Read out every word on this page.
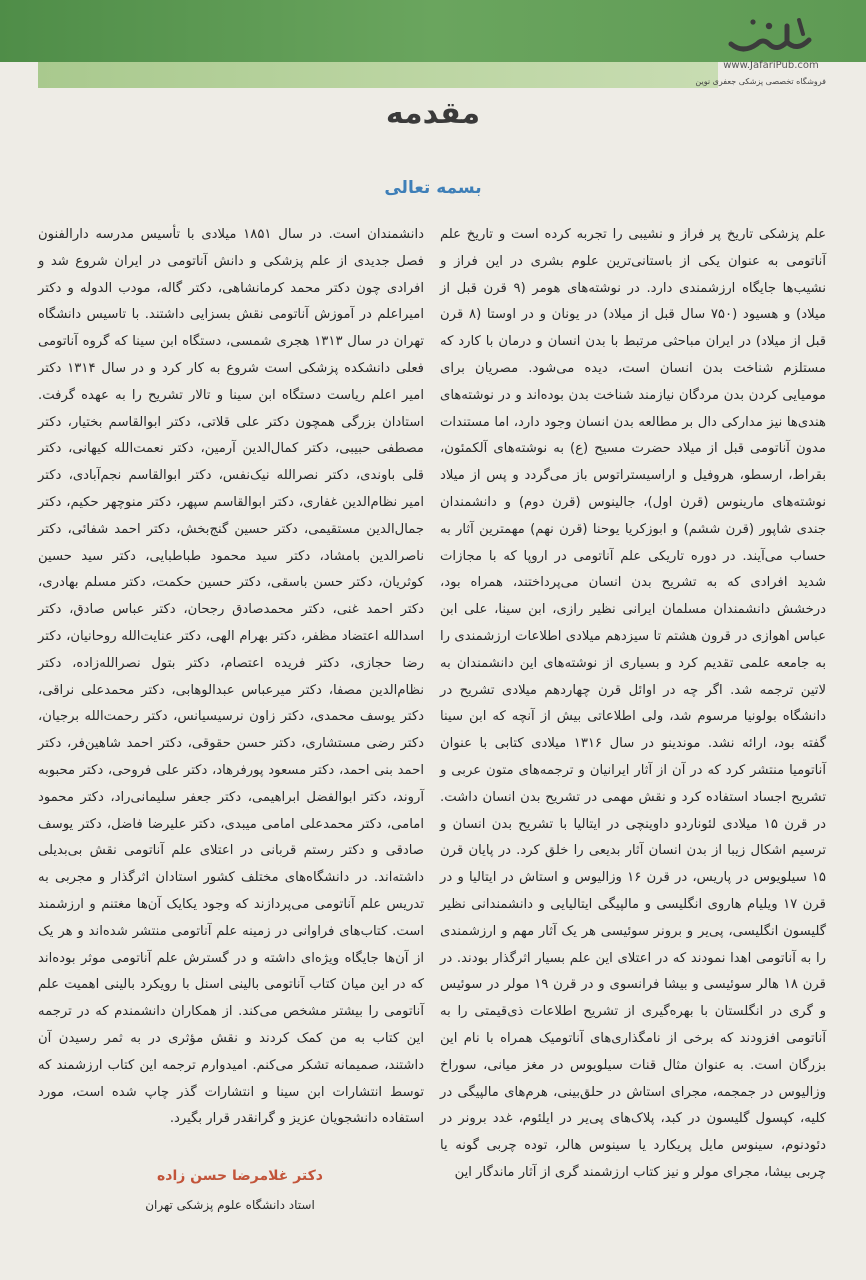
www.JafariPub.com
فروشگاه تخصصی پزشکی جعفری نوین
مقدمه
بسمه تعالی
علم پزشکی تاریخ پر فراز و نشیبی را تجربه کرده است و تاریخ علم آناتومی به عنوان یکی از باستانی‌ترین علوم بشری در این فراز و نشیب‌ها جایگاه ارزشمندی دارد. در نوشته‌های هومر (۹ قرن قبل از میلاد) و هسیود (۷۵۰ سال قبل از میلاد) در یونان و در اوستا (۸ قرن قبل از میلاد) در ایران مباحثی مرتبط با بدن انسان و درمان با کارد که مستلزم شناخت بدن انسان است، دیده می‌شود. مصریان برای مومیایی کردن بدن مردگان نیازمند شناخت بدن بوده‌اند و در نوشته‌های هندی‌ها نیز مدارکی دال بر مطالعه بدن انسان وجود دارد، اما مستندات مدون آناتومی قبل از میلاد حضرت مسیح (ع) به نوشته‌های آلکمئون، بقراط، ارسطو، هروفیل و اراسیستراتوس باز می‌گردد و پس از میلاد نوشته‌های مارینوس (قرن اول)، جالینوس (قرن دوم) و دانشمندان جندی شاپور (قرن ششم) و ابوزکریا یوحنا (قرن نهم) مهمترین آثار به حساب می‌آیند. در دوره تاریکی علم آناتومی در اروپا که با مجازات شدید افرادی که به تشریح بدن انسان می‌پرداختند، همراه بود، درخشش دانشمندان مسلمان ایرانی نظیر رازی، ابن سینا، علی ابن عباس اهوازی در قرون هشتم تا سیزدهم میلادی اطلاعات ارزشمندی را به جامعه علمی تقدیم کرد و بسیاری از نوشته‌های این دانشمندان به لاتین ترجمه شد. اگر چه در اوائل قرن چهاردهم میلادی تشریح در دانشگاه بولونیا مرسوم شد، ولی اطلاعاتی بیش از آنچه که ابن سینا گفته بود، ارائه نشد. موندینو در سال ۱۳۱۶ میلادی کتابی با عنوان آناتومیا منتشر کرد که در آن از آثار ایرانیان و ترجمه‌های متون عربی و تشریح اجساد استفاده کرد و نقش مهمی در تشریح بدن انسان داشت. در قرن ۱۵ میلادی لئوناردو داوینچی در ایتالیا با تشریح بدن انسان و ترسیم اشکال زیبا از بدن انسان آثار بدیعی را خلق کرد. در پایان قرن ۱۵ سیلویوس در پاریس، در قرن ۱۶ وزالیوس و استاش در ایتالیا و در قرن ۱۷ ویلیام هاروی انگلیسی و مالپیگی ایتالیایی و دانشمندانی نظیر گلیسون انگلیسی، پی‌یر و برونر سوئیسی هر یک آثار مهم و ارزشمندی را به آناتومی اهدا نمودند که در اعتلای این علم بسیار اثرگذار بودند. در قرن ۱۸ هالر سوئیسی و بیشا فرانسوی و در قرن ۱۹ مولر در سوئیس و گری در انگلستان با بهره‌گیری از تشریح اطلاعات ذی‌قیمتی را به آناتومی افزودند که برخی از نامگذاری‌های آناتومیک همراه با نام این بزرگان است. به عنوان مثال قنات سیلویوس در مغز میانی، سوراخ وزالیوس در جمجمه، مجرای استاش در حلق‌بینی، هرم‌های مالپیگی در کلیه، کپسول گلیسون در کبد، پلاک‌های پی‌یر در ایلئوم، غدد برونر در دئودنوم، سینوس مایل پریکارد یا سینوس هالر، توده چربی گونه یا چربی بیشا، مجرای مولر و نیز کتاب ارزشمند گری از آثار ماندگار این
دانشمندان است. در سال ۱۸۵۱ میلادی با تأسیس مدرسه دارالفنون فصل جدیدی از علم پزشکی و دانش آناتومی در ایران شروع شد و افرادی چون دکتر محمد کرمانشاهی، دکتر گاله، مودب الدوله و دکتر امیراعلم در آموزش آناتومی نقش بسزایی داشتند. با تاسیس دانشگاه تهران در سال ۱۳۱۳ هجری شمسی، دستگاه ابن سینا که گروه آناتومی فعلی دانشکده پزشکی است شروع به کار کرد و در سال ۱۳۱۴ دکتر امیر اعلم ریاست دستگاه ابن سینا و تالار تشریح را به عهده گرفت. استادان بزرگی همچون دکتر علی قلاتی، دکتر ابوالقاسم بختیار، دکتر مصطفی حبیبی، دکتر کمال‌الدین آرمین، دکتر نعمت‌الله کیهانی، دکتر قلی باوندی، دکتر نصرالله نیک‌نفس، دکتر ابوالقاسم نجم‌آبادی، دکتر امیر نظام‌الدین غفاری، دکتر ابوالقاسم سپهر، دکتر منوچهر حکیم، دکتر جمال‌الدین مستقیمی، دکتر حسین گنج‌بخش، دکتر احمد شفائی، دکتر ناصرالدین بامشاد، دکتر سید محمود طباطبایی، دکتر سید حسین کوثریان، دکتر حسن باسقی، دکتر حسین حکمت، دکتر مسلم بهادری، دکتر احمد غنی، دکتر محمدصادق رجحان، دکتر عباس صادق، دکتر اسدالله اعتضاد مظفر، دکتر بهرام الهی، دکتر عنایت‌الله روحانیان، دکتر رضا حجازی، دکتر فریده اعتصام، دکتر بتول نصرالله‌زاده، دکتر نظام‌الدین مصفا، دکتر میرعباس عبدالوهابی، دکتر محمدعلی نراقی، دکتر یوسف محمدی، دکتر زاون نرسیسیانس، دکتر رحمت‌الله برجیان، دکتر رضی مستشاری، دکتر حسن حقوقی، دکتر احمد شاهین‌فر، دکتر احمد بنی احمد، دکتر مسعود پورفرهاد، دکتر علی فروحی، دکتر محبوبه آروند، دکتر ابوالفضل ابراهیمی، دکتر جعفر سلیمانی‌راد، دکتر محمود امامی، دکتر محمدعلی امامی میبدی، دکتر علیرضا فاضل، دکتر یوسف صادقی و دکتر رستم قربانی در اعتلای علم آناتومی نقش بی‌بدیلی داشته‌اند. در دانشگاه‌های مختلف کشور استادان اثرگذار و مجربی به تدریس علم آناتومی می‌پردازند که وجود یکایک آن‌ها مغتنم و ارزشمند است. کتاب‌های فراوانی در زمینه علم آناتومی منتشر شده‌اند و هر یک از آن‌ها جایگاه ویژه‌ای داشته و در گسترش علم آناتومی موثر بوده‌اند که در این میان کتاب آناتومی بالینی اسنل با رویکرد بالینی اهمیت علم آناتومی را بیشتر مشخص می‌کند. از همکاران دانشمندم که در ترجمه این کتاب به من کمک کردند و نقش مؤثری در به ثمر رسیدن آن داشتند، صمیمانه تشکر می‌کنم. امیدوارم ترجمه این کتاب ارزشمند که توسط انتشارات ابن سینا و انتشارات گذر چاپ شده است، مورد استفاده دانشجویان عزیز و گرانقدر قرار بگیرد.
دکتر غلامرضا حسن زاده
استاد دانشگاه علوم پزشکی تهران
